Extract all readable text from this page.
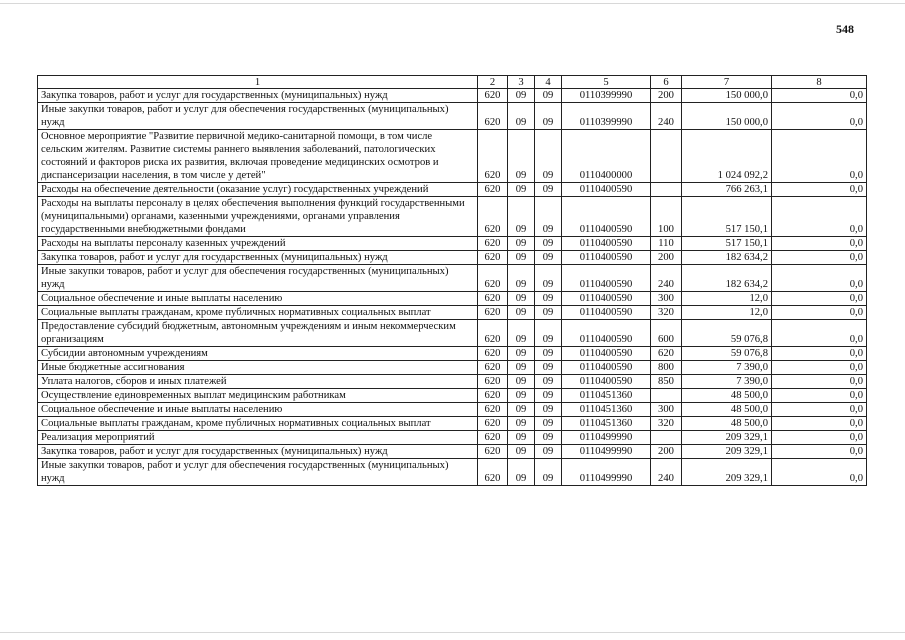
548
1	2	3	4	5	6	7	8
Закупка товаров, работ и услуг для государственных (муниципальных) нужд	620	09	09	0110399990	200	150 000,0	0,0
Иные закупки товаров, работ и услуг для обеспечения государственных (муниципальных) нужд	620	09	09	0110399990	240	150 000,0	0,0
Основное мероприятие "Развитие первичной медико-санитарной помощи, в том числе сельским жителям. Развитие системы раннего выявления заболеваний, патологических состояний и факторов риска их развития, включая проведение медицинских осмотров и диспансеризации населения, в том числе у детей"	620	09	09	0110400000		1 024 092,2	0,0
Расходы на обеспечение деятельности (оказание услуг) государственных учреждений	620	09	09	0110400590		766 263,1	0,0
Расходы на выплаты персоналу в целях обеспечения выполнения функций государственными (муниципальными) органами, казенными учреждениями, органами управления государственными внебюджетными фондами	620	09	09	0110400590	100	517 150,1	0,0
Расходы на выплаты персоналу казенных учреждений	620	09	09	0110400590	110	517 150,1	0,0
Закупка товаров, работ и услуг для государственных (муниципальных) нужд	620	09	09	0110400590	200	182 634,2	0,0
Иные закупки товаров, работ и услуг для обеспечения государственных (муниципальных) нужд	620	09	09	0110400590	240	182 634,2	0,0
Социальное обеспечение и иные выплаты населению	620	09	09	0110400590	300	12,0	0,0
Социальные выплаты гражданам, кроме публичных нормативных социальных выплат	620	09	09	0110400590	320	12,0	0,0
Предоставление субсидий бюджетным, автономным учреждениям и иным некоммерческим организациям	620	09	09	0110400590	600	59 076,8	0,0
Субсидии автономным учреждениям	620	09	09	0110400590	620	59 076,8	0,0
Иные бюджетные ассигнования	620	09	09	0110400590	800	7 390,0	0,0
Уплата налогов, сборов и иных платежей	620	09	09	0110400590	850	7 390,0	0,0
Осуществление единовременных выплат медицинским работникам	620	09	09	0110451360		48 500,0	0,0
Социальное обеспечение и иные выплаты населению	620	09	09	0110451360	300	48 500,0	0,0
Социальные выплаты гражданам, кроме публичных нормативных социальных выплат	620	09	09	0110451360	320	48 500,0	0,0
Реализация мероприятий	620	09	09	0110499990		209 329,1	0,0
Закупка товаров, работ и услуг для государственных (муниципальных) нужд	620	09	09	0110499990	200	209 329,1	0,0
Иные закупки товаров, работ и услуг для обеспечения государственных (муниципальных) нужд	620	09	09	0110499990	240	209 329,1	0,0
